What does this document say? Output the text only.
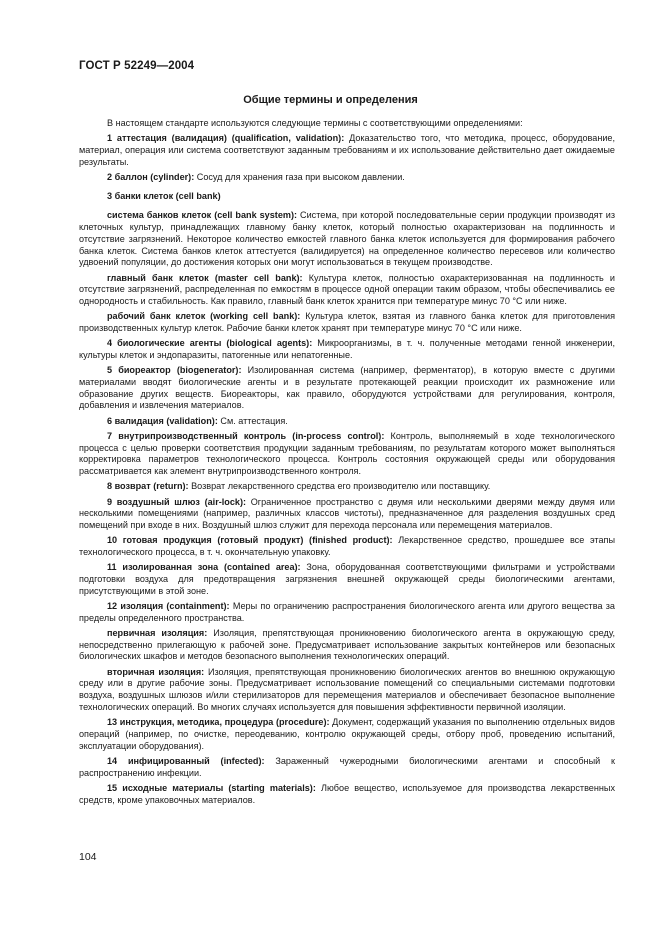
ГОСТ Р 52249—2004
Общие термины и определения

В настоящем стандарте используются следующие термины с соответствующими определениями:

1 аттестация (валидация) (qualification, validation): Доказательство того, что методика, процесс, оборудование, материал, операция или система соответствуют заданным требованиям и их использование действительно дает ожидаемые результаты.

2 баллон (cylinder): Сосуд для хранения газа при высоком давлении.

3 банки клеток (cell bank)

система банков клеток (cell bank system): Система, при которой последовательные серии продукции производят из клеточных культур, принадлежащих главному банку клеток, который полностью охарактеризован на подлинность и отсутствие загрязнений. Некоторое количество емкостей главного банка клеток используется для формирования рабочего банка клеток. Система банков клеток аттестуется (валидируется) на определенное количество пересевов или количество удвоений популяции, до достижения которых они могут использоваться в текущем производстве.

главный банк клеток (master cell bank): Культура клеток, полностью охарактеризованная на подлинность и отсутствие загрязнений, распределенная по емкостям в процессе одной операции таким образом, чтобы обеспечивались ее однородность и стабильность. Как правило, главный банк клеток хранится при температуре минус 70 °С или ниже.

рабочий банк клеток (working cell bank): Культура клеток, взятая из главного банка клеток для приготовления производственных культур клеток. Рабочие банки клеток хранят при температуре минус 70 °С или ниже.

4 биологические агенты (biological agents): Микроорганизмы, в т. ч. полученные методами генной инженерии, культуры клеток и эндопаразиты, патогенные или непатогенные.

5 биореактор (biogenerator): Изолированная система (например, ферментатор), в которую вместе с другими материалами вводят биологические агенты и в результате протекающей реакции происходит их размножение или образование других веществ. Биореакторы, как правило, оборудуются устройствами для регулирования, контроля, добавления и извлечения материалов.

6 валидация (validation): См. аттестация.

7 внутрипроизводственный контроль (in-process control): Контроль, выполняемый в ходе технологического процесса с целью проверки соответствия продукции заданным требованиям, по результатам которого может выполняться корректировка параметров технологического процесса. Контроль состояния окружающей среды или оборудования рассматривается как элемент внутрипроизводственного контроля.

8 возврат (return): Возврат лекарственного средства его производителю или поставщику.

9 воздушный шлюз (air-lock): Ограниченное пространство с двумя или несколькими дверями между двумя или несколькими помещениями (например, различных классов чистоты), предназначенное для разделения воздушных сред помещений при входе в них. Воздушный шлюз служит для перехода персонала или перемещения материалов.

10 готовая продукция (готовый продукт) (finished product): Лекарственное средство, прошедшее все этапы технологического процесса, в т. ч. окончательную упаковку.

11 изолированная зона (contained area): Зона, оборудованная соответствующими фильтрами и устройствами подготовки воздуха для предотвращения загрязнения внешней окружающей среды биологическими агентами, присутствующими в этой зоне.

12 изоляция (containment): Меры по ограничению распространения биологического агента или другого вещества за пределы определенного пространства.

первичная изоляция: Изоляция, препятствующая проникновению биологического агента в окружающую среду, непосредственно прилегающую к рабочей зоне. Предусматривает использование закрытых контейнеров или безопасных биологических шкафов и методов безопасного выполнения технологических операций.

вторичная изоляция: Изоляция, препятствующая проникновению биологических агентов во внешнюю окружающую среду или в другие рабочие зоны. Предусматривает использование помещений со специальными системами подготовки воздуха, воздушных шлюзов и/или стерилизаторов для перемещения материалов и обеспечивает безопасное выполнение технологических операций. Во многих случаях используется для повышения эффективности первичной изоляции.

13 инструкция, методика, процедура (procedure): Документ, содержащий указания по выполнению отдельных видов операций (например, по очистке, переодеванию, контролю окружающей среды, отбору проб, проведению испытаний, эксплуатации оборудования).

14 инфицированный (infected): Зараженный чужеродными биологическими агентами и способный к распространению инфекции.

15 исходные материалы (starting materials): Любое вещество, используемое для производства лекарственных средств, кроме упаковочных материалов.

104
